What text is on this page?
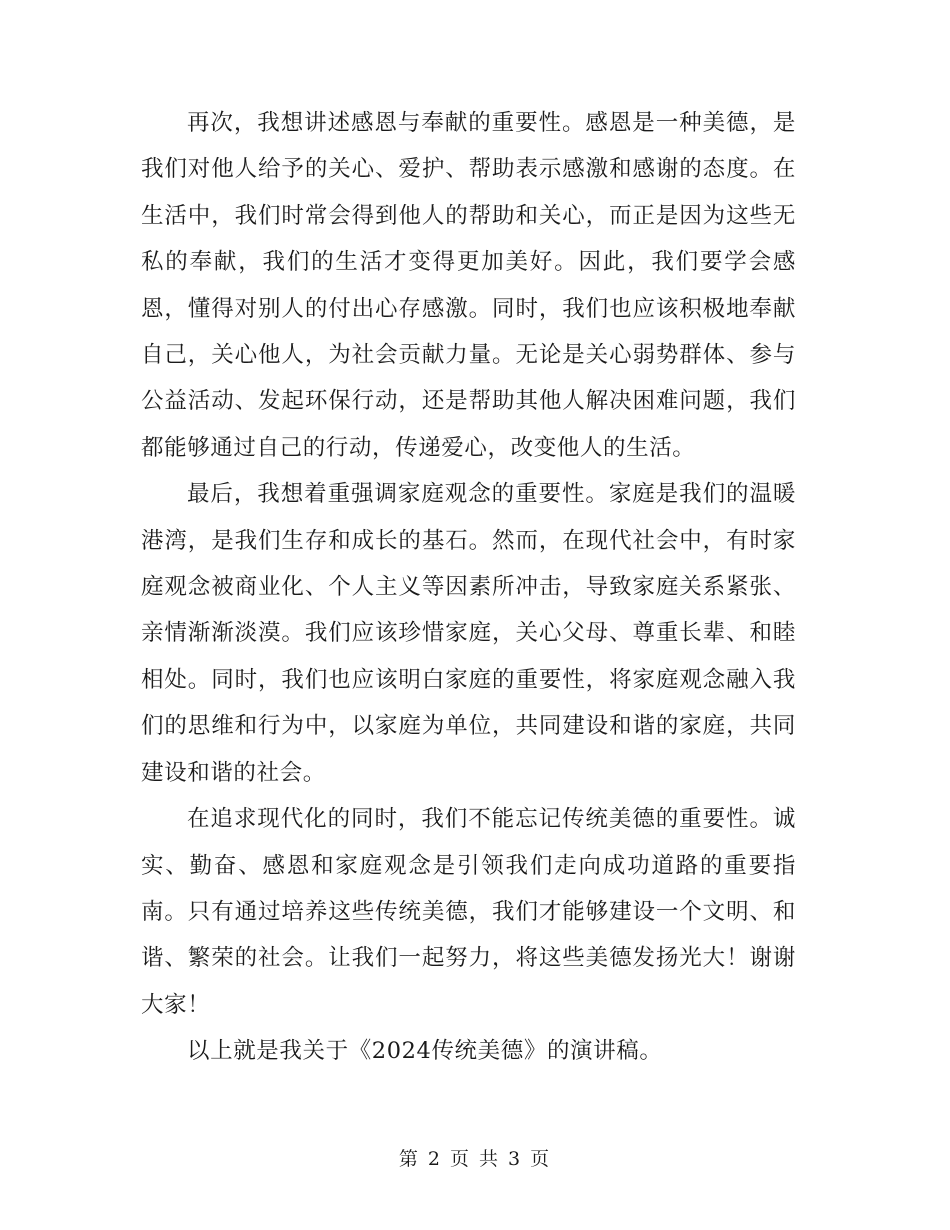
再次，我想讲述感恩与奉献的重要性。感恩是一种美德，是我们对他人给予的关心、爱护、帮助表示感激和感谢的态度。在生活中，我们时常会得到他人的帮助和关心，而正是因为这些无私的奉献，我们的生活才变得更加美好。因此，我们要学会感恩，懂得对别人的付出心存感激。同时，我们也应该积极地奉献自己，关心他人，为社会贡献力量。无论是关心弱势群体、参与公益活动、发起环保行动，还是帮助其他人解决困难问题，我们都能够通过自己的行动，传递爱心，改变他人的生活。

最后，我想着重强调家庭观念的重要性。家庭是我们的温暖港湾，是我们生存和成长的基石。然而，在现代社会中，有时家庭观念被商业化、个人主义等因素所冲击，导致家庭关系紧张、亲情渐渐淡漠。我们应该珍惜家庭，关心父母、尊重长辈、和睦相处。同时，我们也应该明白家庭的重要性，将家庭观念融入我们的思维和行为中，以家庭为单位，共同建设和谐的家庭，共同建设和谐的社会。

在追求现代化的同时，我们不能忘记传统美德的重要性。诚实、勤奋、感恩和家庭观念是引领我们走向成功道路的重要指南。只有通过培养这些传统美德，我们才能够建设一个文明、和谐、繁荣的社会。让我们一起努力，将这些美德发扬光大！谢谢大家！

以上就是我关于《2024传统美德》的演讲稿。

第 2 页 共 3 页
